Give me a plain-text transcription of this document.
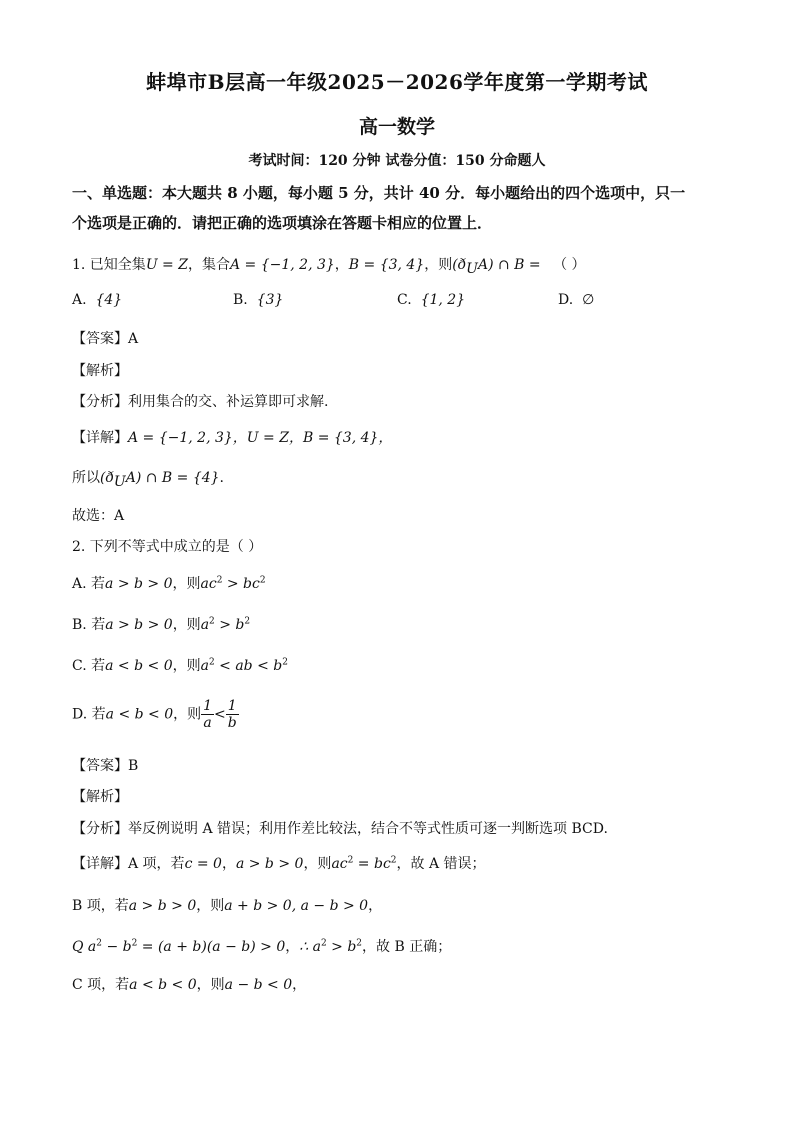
蚌埠市B层高一年级2025－2026学年度第一学期考试
高一数学
考试时间：120 分钟 试卷分值：150 分命题人
一、单选题：本大题共 8 小题，每小题 5 分，共计 40 分．每小题给出的四个选项中，只一
个选项是正确的．请把正确的选项填涂在答题卡相应的位置上．
1. 已知全集U = Z，集合A = {−1, 2, 3}，B = {3, 4}，则$(ð_UA)$ ∩ B = （ ）
A. {4}	B. {3}	C. {1, 2}	D. ∅
【答案】A
【解析】
【分析】利用集合的交、补运算即可求解.
【详解】A = {−1, 2, 3}，U = Z，B = {3, 4}，
所以$(ð_UA)$ ∩ B = {4}.
故选：A
2. 下列不等式中成立的是（ ）
A. 若a > b > 0，则$ac^2 > bc^2$
B. 若a > b > 0，则$a^2 > b^2$
C. 若a < b < 0，则$a^2$ < ab < $b^2$
D. 若a < b < 0，则 $\frac{1}{a} < \frac{1}{b}$
【答案】B
【解析】
【分析】举反例说明 A 错误；利用作差比较法，结合不等式性质可逐一判断选项 BCD.
【详解】A 项，若c = 0，a > b > 0，则$ac^2 = bc^2$，故 A 错误；
B 项，若a > b > 0，则a + b > 0, a − b > 0，
Q $a^2 - b^2 = (a + b)(a - b) > 0$，∴ $a^2 > b^2$，故 B 正确；
C 项，若a < b < 0，则a − b < 0，
